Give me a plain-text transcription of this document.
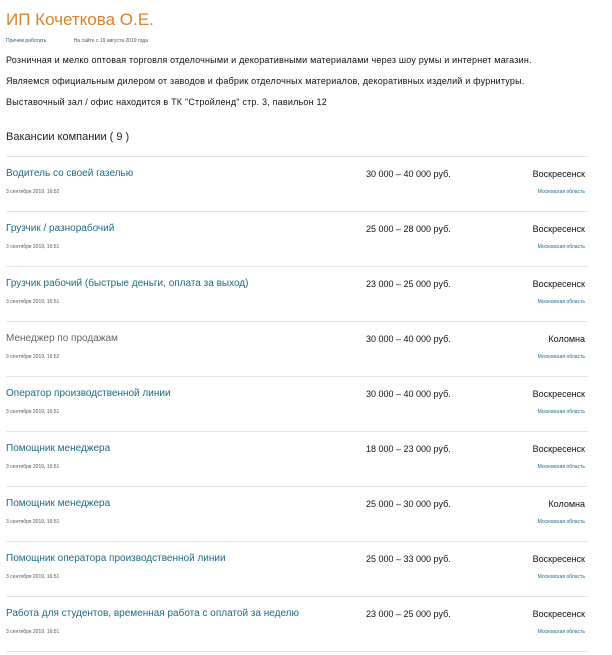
ИП Кочеткова О.Е.
Причем работать	На сайте с 19 августа 2019 года
Розничная и мелко оптовая торговля отделочными и декоративными материалами через шоу румы и интернет магазин.
Являемся официальным дилером от заводов и фабрик отделочных материалов, декоративных изделий и фурнитуры.
Выставочный зал / офис находится в ТК "Стройленд" стр. 3, павильон 12
Вакансии компании ( 9 )
Водитель со своей газелью	30 000 – 40 000 руб.	Воскресенск
3 сентября 2019, 16:52	Московская область
Грузчик / разнорабочий	25 000 – 28 000 руб.	Воскресенск
3 сентября 2019, 16:51	Московская область
Грузчик рабочий (быстрые деньги, оплата за выход)	23 000 – 25 000 руб.	Воскресенск
3 сентября 2019, 16:51	Московская область
Менеджер по продажам	30 000 – 40 000 руб.	Коломна
3 сентября 2019, 16:52	Московская область
Оператор производственной линии	30 000 – 40 000 руб.	Воскресенск
3 сентября 2019, 16:51	Московская область
Помощник менеджера	18 000 – 23 000 руб.	Воскресенск
3 сентября 2019, 16:51	Московская область
Помощник менеджера	25 000 – 30 000 руб.	Коломна
3 сентября 2019, 16:51	Московская область
Помощник оператора производственной линии	25 000 – 33 000 руб.	Воскресенск
3 сентября 2019, 16:51	Московская область
Работа для студентов, временная работа с оплатой за неделю	23 000 – 25 000 руб.	Воскресенск
3 сентября 2019, 16:51	Московская область
